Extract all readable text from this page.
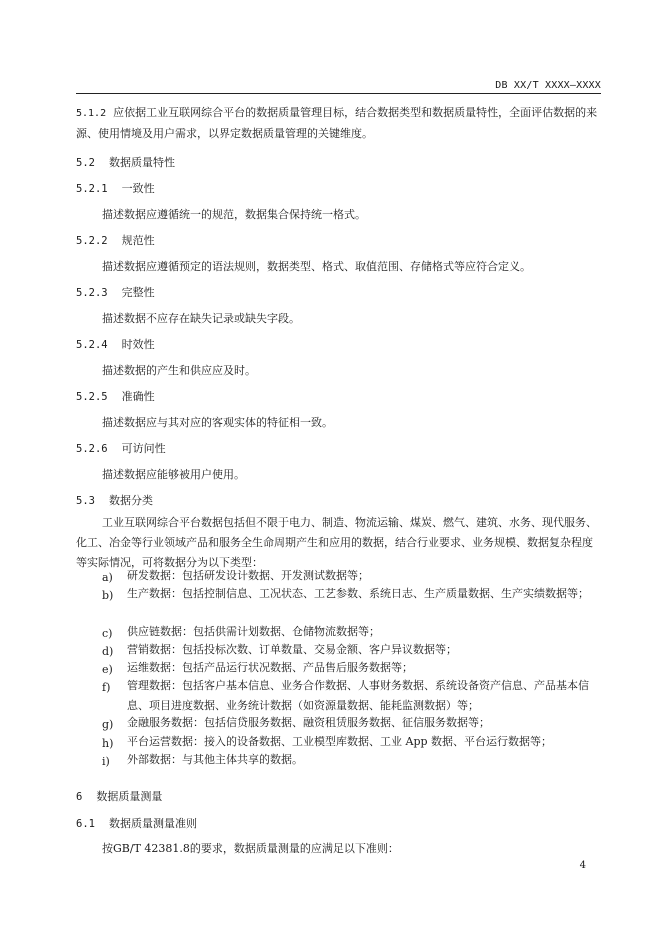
DB XX/T XXXX—XXXX
5.1.2 应依据工业互联网综合平台的数据质量管理目标，结合数据类型和数据质量特性，全面评估数据的来源、使用情境及用户需求，以界定数据质量管理的关键维度。
5.2 数据质量特性
5.2.1 一致性
描述数据应遵循统一的规范，数据集合保持统一格式。
5.2.2 规范性
描述数据应遵循预定的语法规则，数据类型、格式、取值范围、存储格式等应符合定义。
5.2.3 完整性
描述数据不应存在缺失记录或缺失字段。
5.2.4 时效性
描述数据的产生和供应应及时。
5.2.5 准确性
描述数据应与其对应的客观实体的特征相一致。
5.2.6 可访问性
描述数据应能够被用户使用。
5.3 数据分类
工业互联网综合平台数据包括但不限于电力、制造、物流运输、煤炭、燃气、建筑、水务、现代服务、化工、冶金等行业领域产品和服务全生命周期产生和应用的数据，结合行业要求、业务规模、数据复杂程度等实际情况，可将数据分为以下类型：
a) 研发数据：包括研发设计数据、开发测试数据等；
b) 生产数据：包括控制信息、工况状态、工艺参数、系统日志、生产质量数据、生产实绩数据等；
c) 供应链数据：包括供需计划数据、仓储物流数据等；
d) 营销数据：包括投标次数、订单数量、交易金额、客户异议数据等；
e) 运维数据：包括产品运行状况数据、产品售后服务数据等；
f) 管理数据：包括客户基本信息、业务合作数据、人事财务数据、系统设备资产信息、产品基本信息、项目进度数据、业务统计数据（如资源量数据、能耗监测数据）等；
g) 金融服务数据：包括信贷服务数据、融资租赁服务数据、征信服务数据等；
h) 平台运营数据：接入的设备数据、工业模型库数据、工业 App 数据、平台运行数据等；
i) 外部数据：与其他主体共享的数据。
6 数据质量测量
6.1 数据质量测量准则
按GB/T 42381.8的要求，数据质量测量的应满足以下准则：
4
